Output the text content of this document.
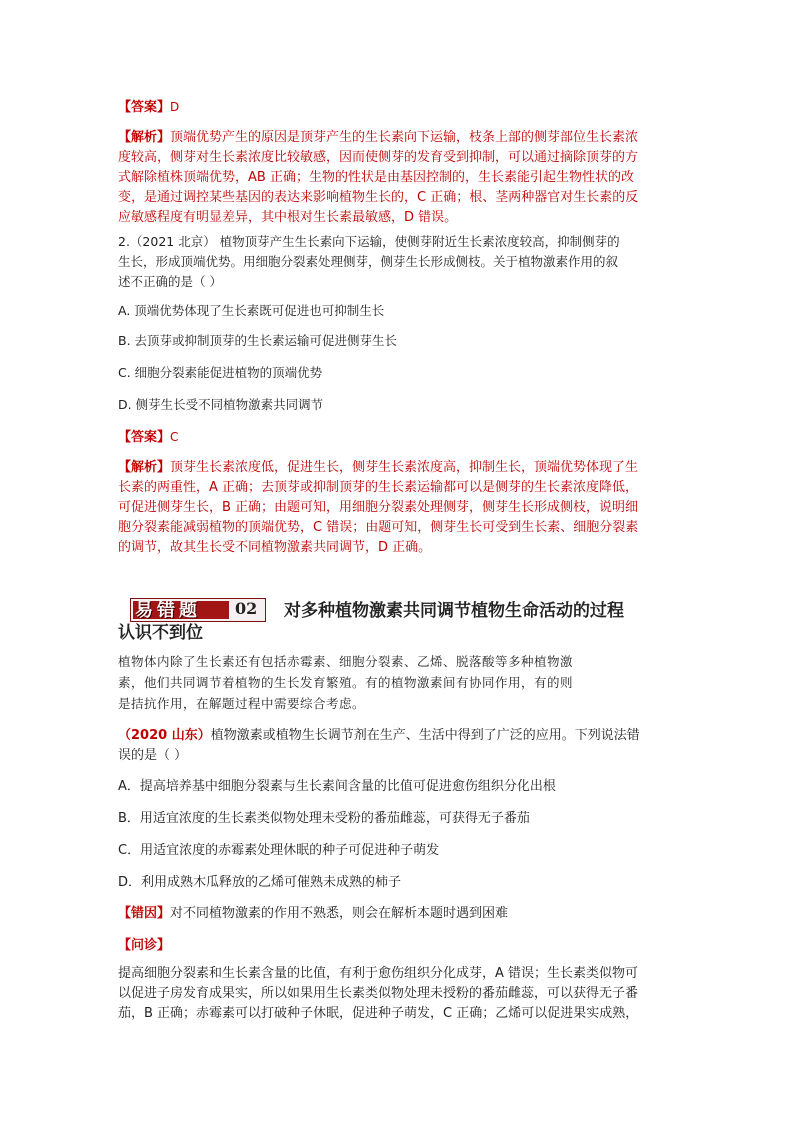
【答案】D
【解析】顶端优势产生的原因是顶芽产生的生长素向下运输，枝条上部的侧芽部位生长素浓
度较高，侧芽对生长素浓度比较敏感，因而使侧芽的发育受到抑制，可以通过摘除顶芽的方
式解除植株顶端优势，AB 正确；生物的性状是由基因控制的，生长素能引起生物性状的改
变，是通过调控某些基因的表达来影响植物生长的，C 正确；根、茎两种器官对生长素的反
应敏感程度有明显差异，其中根对生长素最敏感，D 错误。
2.（2021 北京） 植物顶芽产生生长素向下运输，使侧芽附近生长素浓度较高，抑制侧芽的
生长，形成顶端优势。用细胞分裂素处理侧芽，侧芽生长形成侧枝。关于植物激素作用的叙
述不正确的是（ ）
A. 顶端优势体现了生长素既可促进也可抑制生长
B. 去顶芽或抑制顶芽的生长素运输可促进侧芽生长
C. 细胞分裂素能促进植物的顶端优势
D. 侧芽生长受不同植物激素共同调节
【答案】C
【解析】顶芽生长素浓度低，促进生长，侧芽生长素浓度高，抑制生长，顶端优势体现了生
长素的两重性，A 正确；去顶芽或抑制顶芽的生长素运输都可以是侧芽的生长素浓度降低，
可促进侧芽生长，B 正确；由题可知，用细胞分裂素处理侧芽，侧芽生长形成侧枝，说明细
胞分裂素能减弱植物的顶端优势，C 错误；由题可知，侧芽生长可受到生长素、细胞分裂素
的调节，故其生长受不同植物激素共同调节，D 正确。
易错题 02 对多种植物激素共同调节植物生命活动的过程
认识不到位
植物体内除了生长素还有包括赤霉素、细胞分裂素、乙烯、脱落酸等多种植物激
素，他们共同调节着植物的生长发育繁殖。有的植物激素间有协同作用，有的则
是拮抗作用，在解题过程中需要综合考虑。
（2020 山东）植物激素或植物生长调节剂在生产、生活中得到了广泛的应用。下列说法错
误的是（ ）
A．提高培养基中细胞分裂素与生长素间含量的比值可促进愈伤组织分化出根
B．用适宜浓度的生长素类似物处理未受粉的番茄雌蕊，可获得无子番茄
C．用适宜浓度的赤霉素处理休眠的种子可促进种子萌发
D．利用成熟木瓜释放的乙烯可催熟未成熟的柿子
【错因】对不同植物激素的作用不熟悉，则会在解析本题时遇到困难
【问诊】
提高细胞分裂素和生长素含量的比值，有利于愈伤组织分化成芽，A 错误；生长素类似物可
以促进子房发育成果实，所以如果用生长素类似物处理未授粉的番茄雌蕊，可以获得无子番
茄，B 正确；赤霉素可以打破种子休眠，促进种子萌发，C 正确；乙烯可以促进果实成熟，
